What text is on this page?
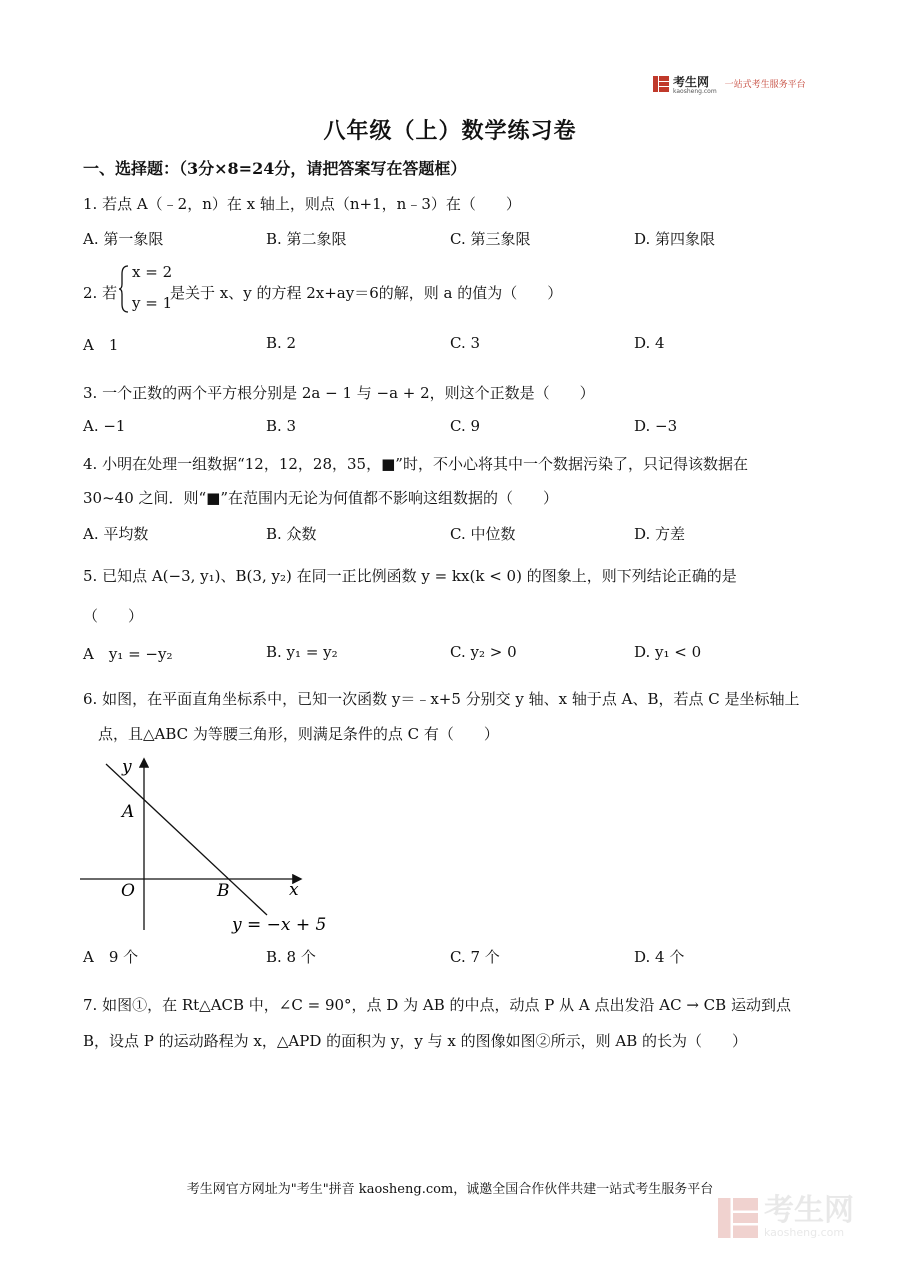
考生网
kaosheng.com
一站式考生服务平台
八年级（上）数学练习卷
一、选择题：（3分×8=24分，请把答案写在答题框）
1. 若点 A（﹣2，n）在 x 轴上，则点（n+1，n﹣3）在（　　）
A. 第一象限	B. 第二象限	C. 第三象限	D. 第四象限
2. 若
x = 2
y = 1
是关于 x、y 的方程 2x+ay＝6的解，则 a 的值为（　　）
A　1	B. 2	C. 3	D. 4
3. 一个正数的两个平方根分别是 2a − 1 与 −a + 2，则这个正数是（　　）
A. −1	B. 3	C. 9	D. −3
4. 小明在处理一组数据“12，12，28，35，■”时，不小心将其中一个数据污染了，只记得该数据在
30~40 之间．则“■”在范围内无论为何值都不影响这组数据的（　　）
A. 平均数	B. 众数	C. 中位数	D. 方差
5. 已知点 A(−3, y₁)、B(3, y₂) 在同一正比例函数 y = kx(k < 0) 的图象上，则下列结论正确的是
（　　）
A　y₁ = −y₂	B. y₁ = y₂	C. y₂ > 0	D. y₁ < 0
6. 如图，在平面直角坐标系中，已知一次函数 y＝﹣x+5 分别交 y 轴、x 轴于点 A、B，若点 C 是坐标轴上
点，且△ABC 为等腰三角形，则满足条件的点 C 有（　　）
y
A
O	B	x
y = −x + 5
A　9 个	B. 8 个	C. 7 个	D. 4 个
7. 如图①，在 Rt△ACB 中，∠C = 90°，点 D 为 AB 的中点，动点 P 从 A 点出发沿 AC → CB 运动到点
B，设点 P 的运动路程为 x，△APD 的面积为 y，y 与 x 的图像如图②所示，则 AB 的长为（　　）
考生网官方网址为"考生"拼音 kaosheng.com，诚邀全国合作伙伴共建一站式考生服务平台
考生网
kaosheng.com
